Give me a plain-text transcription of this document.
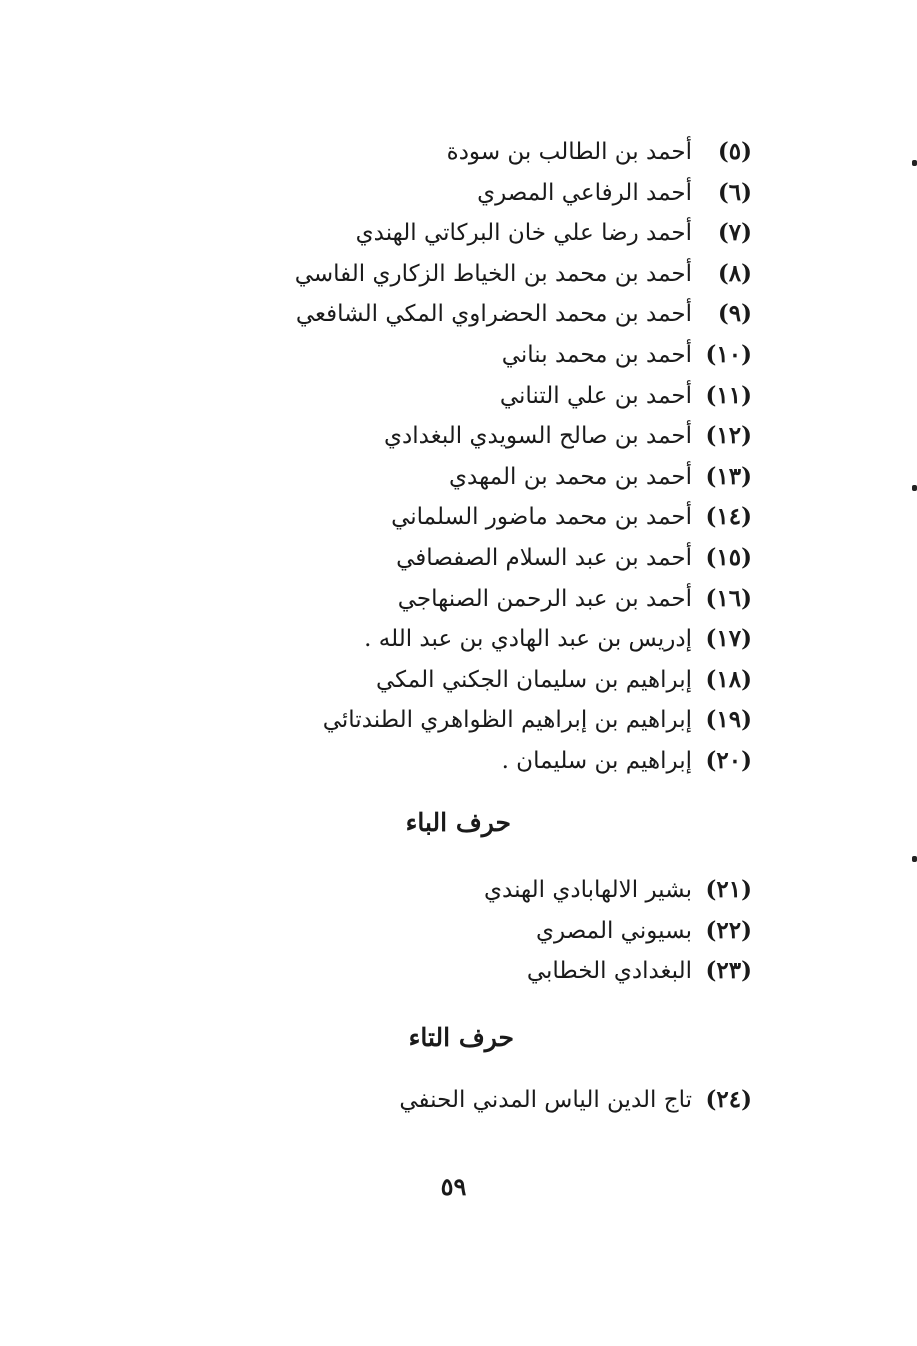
(٥)
أحمد بن الطالب بن سودة
(٦)
أحمد الرفاعي المصري
(٧)
أحمد رضا علي خان البركاتي الهندي
(٨)
أحمد بن محمد بن الخياط الزكاري الفاسي
(٩)
أحمد بن محمد الحضراوي المكي الشافعي
(١٠)
أحمد بن محمد بناني
(١١)
أحمد بن علي التناني
(١٢)
أحمد بن صالح السويدي البغدادي
(١٣)
أحمد بن محمد بن المهدي
(١٤)
أحمد بن محمد ماضور السلماني
(١٥)
أحمد بن عبد السلام الصفصافي
(١٦)
أحمد بن عبد الرحمن الصنهاجي
(١٧)
إدريس بن عبد الهادي بن عبد الله .
(١٨)
إبراهيم بن سليمان الجكني المكي
(١٩)
إبراهيم بن إبراهيم الظواهري الطندتائي
(٢٠)
إبراهيم بن سليمان .
حرف الباء
(٢١)
بشير الالهابادي الهندي
(٢٢)
بسيوني المصري
(٢٣)
البغدادي الخطابي
حرف التاء
(٢٤)
تاج الدين الياس المدني الحنفي
٥٩
